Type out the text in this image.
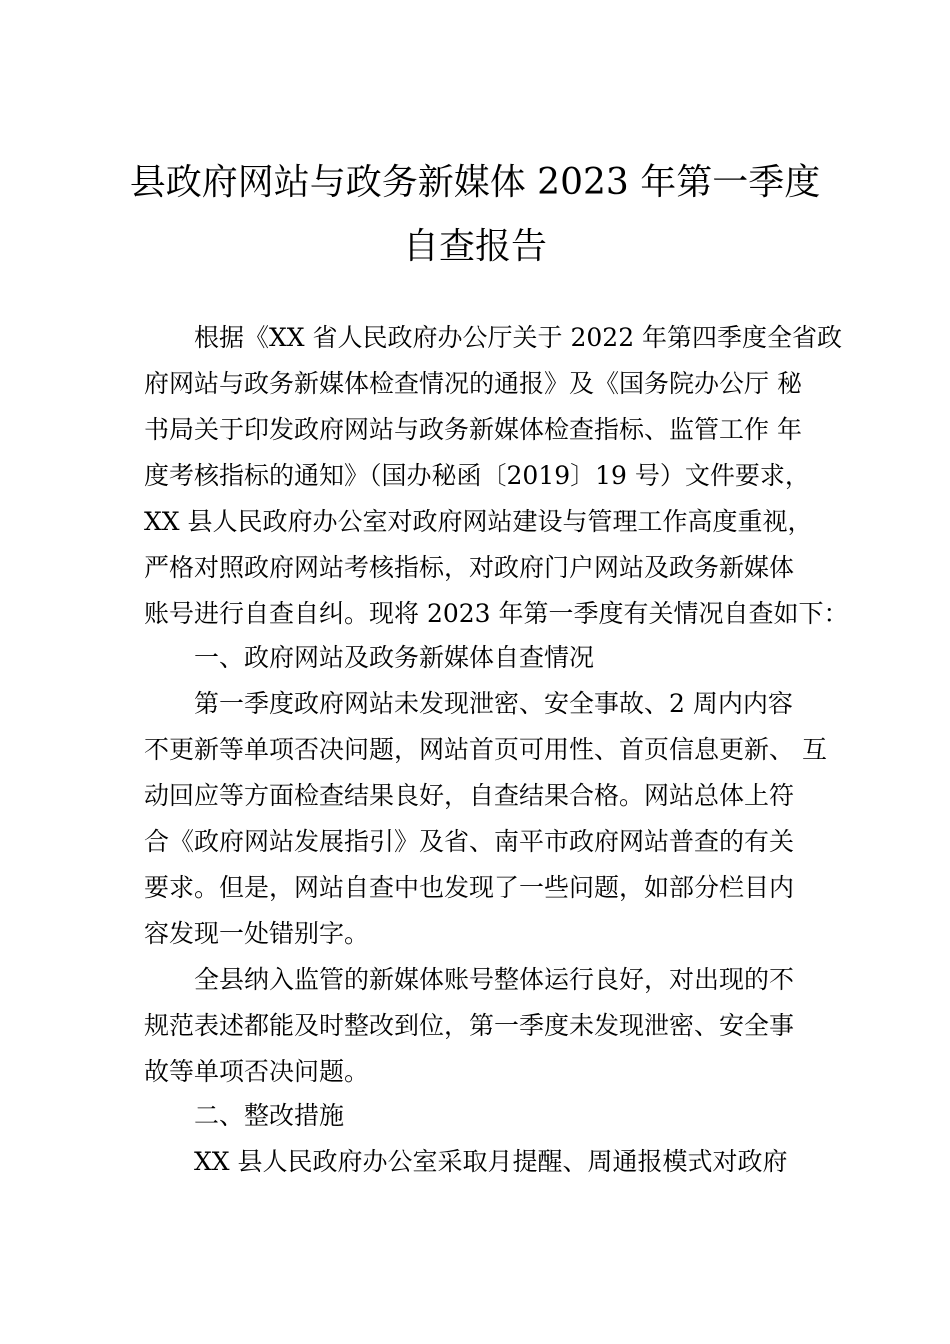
县政府网站与政务新媒体 2023 年第一季度
自查报告
根据《XX 省人民政府办公厅关于 2022 年第四季度全省政
府网站与政务新媒体检查情况的通报》及《国务院办公厅 秘
书局关于印发政府网站与政务新媒体检查指标、监管工作 年
度考核指标的通知》（国办秘函〔2019〕19 号）文件要求，
XX 县人民政府办公室对政府网站建设与管理工作高度重视，
严格对照政府网站考核指标，对政府门户网站及政务新媒体
账号进行自查自纠。现将 2023 年第一季度有关情况自查如下：
一、政府网站及政务新媒体自查情况
第一季度政府网站未发现泄密、安全事故、2 周内内容
不更新等单项否决问题，网站首页可用性、首页信息更新、 互
动回应等方面检查结果良好，自查结果合格。网站总体上符
合《政府网站发展指引》及省、南平市政府网站普查的有关
要求。但是，网站自查中也发现了一些问题，如部分栏目内
容发现一处错别字。
全县纳入监管的新媒体账号整体运行良好，对出现的不
规范表述都能及时整改到位，第一季度未发现泄密、安全事
故等单项否决问题。
二、整改措施
XX 县人民政府办公室采取月提醒、周通报模式对政府
